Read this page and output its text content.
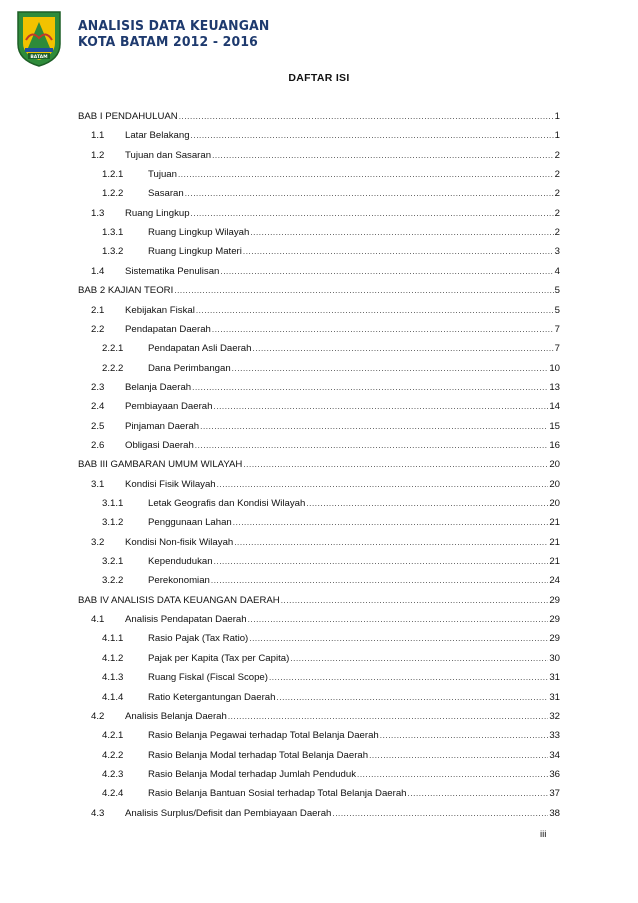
BATAM
ANALISIS DATA KEUANGAN
KOTA BATAM 2012 - 2016
DAFTAR ISI
BAB I PENDAHULUAN .....	1
1.1 Latar Belakang .....	1
1.2 Tujuan dan Sasaran .....	2
1.2.1	Tujuan .....	2
1.2.2	Sasaran .....	2
1.3 Ruang Lingkup .....	2
1.3.1	Ruang Lingkup Wilayah .....	2
1.3.2	Ruang Lingkup Materi .....	3
1.4 Sistematika Penulisan .....	4
BAB 2 KAJIAN TEORI .....	5
2.1 Kebijakan Fiskal .....	5
2.2 Pendapatan Daerah .....	7
2.2.1	Pendapatan Asli Daerah .....	7
2.2.2	Dana Perimbangan .....	10
2.3 Belanja Daerah .....	13
2.4 Pembiayaan Daerah .....	14
2.5 Pinjaman Daerah .....	15
2.6 Obligasi Daerah .....	16
BAB III GAMBARAN UMUM WILAYAH .....	20
3.1 Kondisi Fisik Wilayah .....	20
3.1.1	Letak Geografis dan Kondisi Wilayah .....	20
3.1.2	Penggunaan Lahan .....	21
3.2 Kondisi Non-fisik Wilayah .....	21
3.2.1	Kependudukan .....	21
3.2.2	Perekonomian .....	24
BAB IV ANALISIS DATA KEUANGAN DAERAH .....	29
4.1 Analisis Pendapatan Daerah .....	29
4.1.1	Rasio Pajak (Tax Ratio) .....	29
4.1.2	Pajak per Kapita (Tax per Capita) .....	30
4.1.3	Ruang Fiskal (Fiscal Scope) .....	31
4.1.4	Ratio Ketergantungan Daerah .....	31
4.2 Analisis Belanja Daerah .....	32
4.2.1	Rasio Belanja Pegawai terhadap Total Belanja Daerah .....	33
4.2.2	Rasio Belanja Modal terhadap Total Belanja Daerah .....	34
4.2.3	Rasio Belanja Modal terhadap Jumlah Penduduk .....	36
4.2.4	Rasio Belanja Bantuan Sosial terhadap Total Belanja Daerah .....	37
4.3 Analisis Surplus/Defisit dan Pembiayaan Daerah .....	38
iii
